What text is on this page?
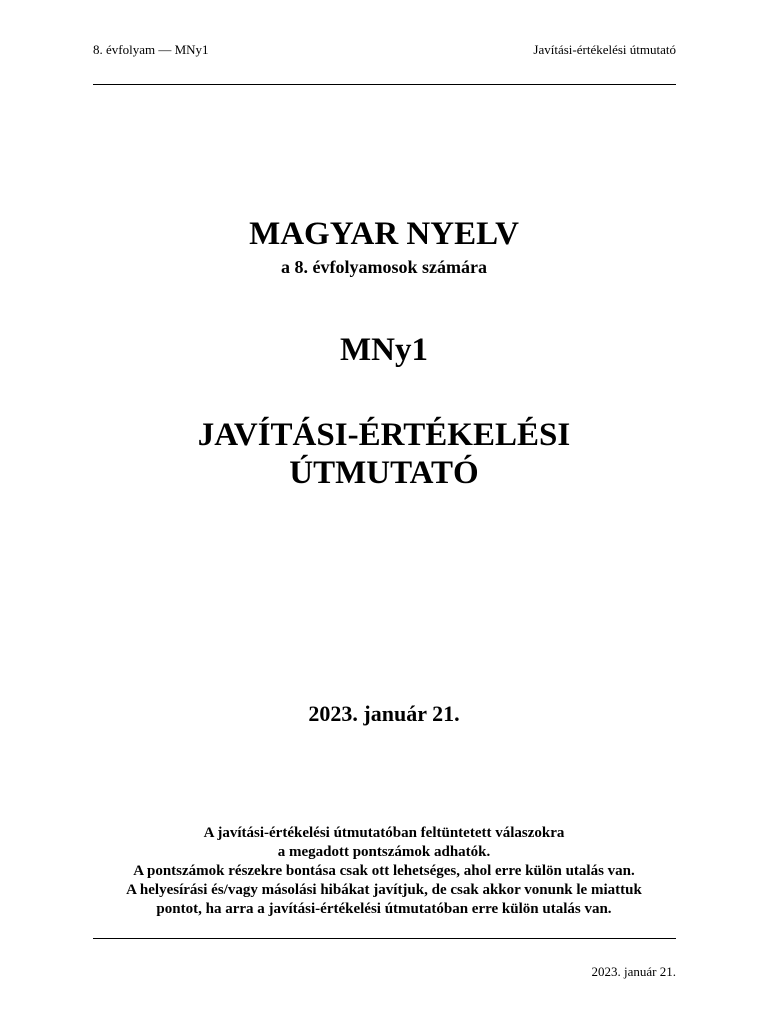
8. évfolyam — MNy1	Javítási-értékelési útmutató
MAGYAR NYELV
a 8. évfolyamosok számára
MNy1
JAVÍTÁSI-ÉRTÉKELÉSI
ÚTMUTATÓ
2023. január 21.
A javítási-értékelési útmutatóban feltüntetett válaszokra
a megadott pontszámok adhatók.
A pontszámok részekre bontása csak ott lehetséges, ahol erre külön utalás van.
A helyesírási és/vagy másolási hibákat javítjuk, de csak akkor vonunk le miattuk
pontot, ha arra a javítási-értékelési útmutatóban erre külön utalás van.
2023. január 21.
